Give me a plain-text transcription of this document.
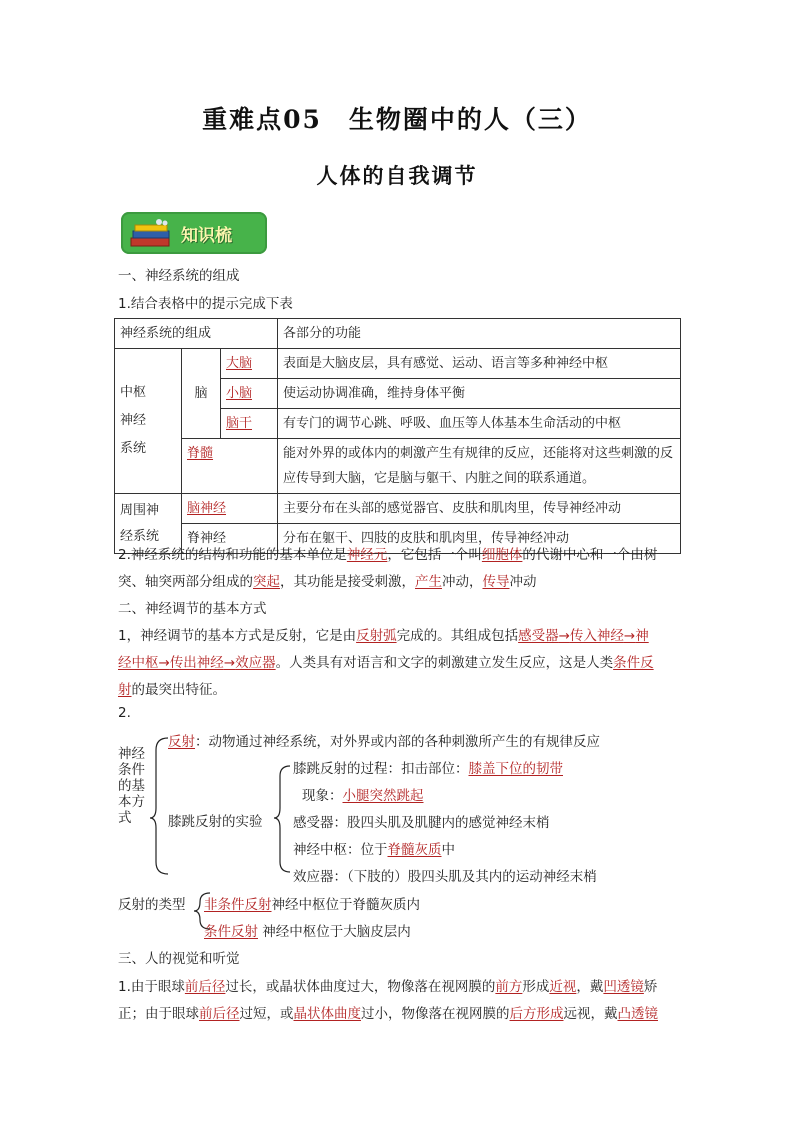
重难点05　生物圈中的人（三）
人体的自我调节
知识梳
一、神经系统的组成
1.结合表格中的提示完成下表
神经系统的组成			各部分的功能
中枢
神经
系统	脑	大脑	表面是大脑皮层，具有感觉、运动、语言等多种神经中枢
		小脑	使运动协调准确，维持身体平衡
		脑干	有专门的调节心跳、呼吸、血压等人体基本生命活动的中枢
	脊髓		能对外界的或体内的刺激产生有规律的反应，还能将对这些刺激的反应传导到大脑，它是脑与躯干、内脏之间的联系通道。
周围神
经系统	脑神经		主要分布在头部的感觉器官、皮肤和肌肉里，传导神经冲动
	脊神经		分布在躯干、四肢的皮肤和肌肉里，传导神经冲动
2.神经系统的结构和功能的基本单位是神经元，它包括一个叫细胞体的代谢中心和一个由树
突、轴突两部分组成的突起，其功能是接受刺激，产生冲动，传导冲动
二、神经调节的基本方式
1，神经调节的基本方式是反射，它是由反射弧完成的。其组成包括感受器→传入神经→神
经中枢→传出神经→效应器。人类具有对语言和文字的刺激建立发生反应，这是人类条件反
射的最突出特征。
2.
神经
条件
的基
本方
式
反射：动物通过神经系统，对外界或内部的各种刺激所产生的有规律反应
膝跳反射的实验
膝跳反射的过程：扣击部位：膝盖下位的韧带
现象：小腿突然跳起
感受器：股四头肌及肌腱内的感觉神经末梢
神经中枢：位于脊髓灰质中
效应器：（下肢的）股四头肌及其内的运动神经末梢
反射的类型 非条件反射神经中枢位于脊髓灰质内
条件反射 神经中枢位于大脑皮层内
三、人的视觉和听觉
1.由于眼球前后径过长，或晶状体曲度过大，物像落在视网膜的前方形成近视，戴凹透镜矫
正；由于眼球前后径过短，或晶状体曲度过小，物像落在视网膜的后方形成远视，戴凸透镜
